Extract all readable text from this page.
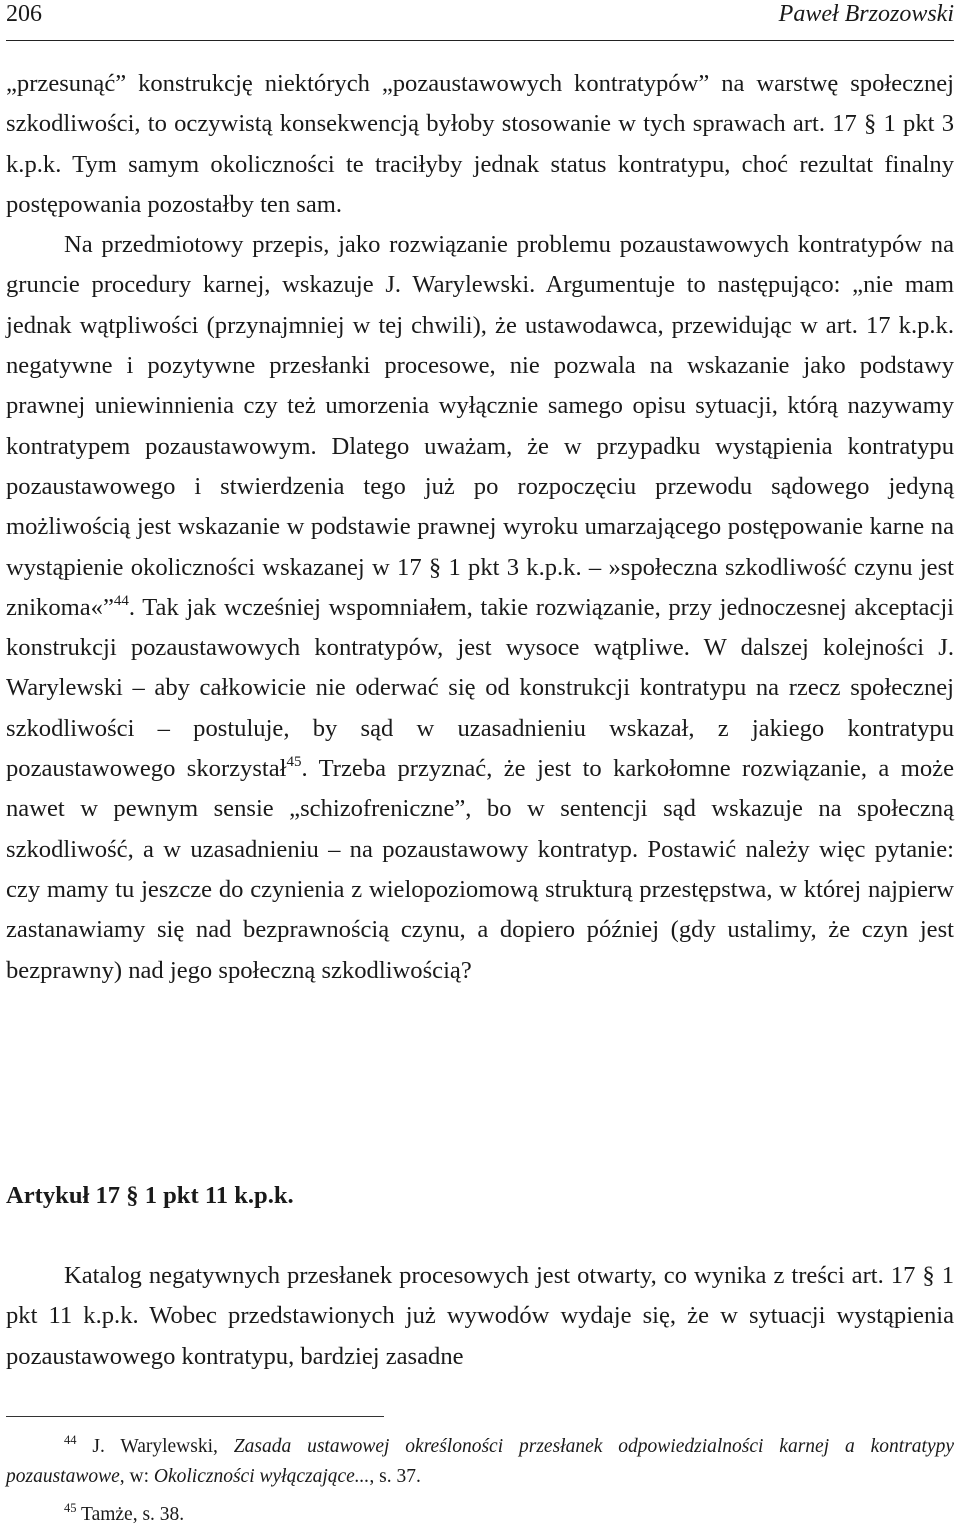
206	Paweł Brzozowski

„przesunąć” konstrukcję niektórych „pozaustawowych kontratypów” na warstwę społecznej szkodliwości, to oczywistą konsekwencją byłoby stosowanie w tych sprawach art. 17 § 1 pkt 3 k.p.k. Tym samym okoliczności te traciłyby jednak status kontratypu, choć rezultat finalny postępowania pozostałby ten sam.

Na przedmiotowy przepis, jako rozwiązanie problemu pozaustawowych kontratypów na gruncie procedury karnej, wskazuje J. Warylewski. Argumentuje to następująco: „nie mam jednak wątpliwości (przynajmniej w tej chwili), że ustawodawca, przewidując w art. 17 k.p.k. negatywne i pozytywne przesłanki procesowe, nie pozwala na wskazanie jako podstawy prawnej uniewinnienia czy też umorzenia wyłącznie samego opisu sytuacji, którą nazywamy kontratypem pozaustawowym. Dlatego uważam, że w przypadku wystąpienia kontratypu pozaustawowego i stwierdzenia tego już po rozpoczęciu przewodu sądowego jedyną możliwością jest wskazanie w podstawie prawnej wyroku umarzającego postępowanie karne na wystąpienie okoliczności wskazanej w 17 § 1 pkt 3 k.p.k. – »społeczna szkodliwość czynu jest znikoma«”$^{44}$. Tak jak wcześniej wspomniałem, takie rozwiązanie, przy jednoczesnej akceptacji konstrukcji pozaustawowych kontratypów, jest wysoce wątpliwe. W dalszej kolejności J. Warylewski – aby całkowicie nie oderwać się od konstrukcji kontratypu na rzecz społecznej szkodliwości – postuluje, by sąd w uzasadnieniu wskazał, z jakiego kontratypu pozaustawowego skorzystał$^{45}$. Trzeba przyznać, że jest to karkołomne rozwiązanie, a może nawet w pewnym sensie „schizofreniczne”, bo w sentencji sąd wskazuje na społeczną szkodliwość, a w uzasadnieniu – na pozaustawowy kontratyp. Postawić należy więc pytanie: czy mamy tu jeszcze do czynienia z wielopoziomową strukturą przestępstwa, w której najpierw zastanawiamy się nad bezprawnością czynu, a dopiero później (gdy ustalimy, że czyn jest bezprawny) nad jego społeczną szkodliwością?

Artykuł 17 § 1 pkt 11 k.p.k.
Katalog negatywnych przesłanek procesowych jest otwarty, co wynika z treści art. 17 § 1 pkt 11 k.p.k. Wobec przedstawionych już wywodów wydaje się, że w sytuacji wystąpienia pozaustawowego kontratypu, bardziej zasadne

$^{44}$ J. Warylewski, Zasada ustawowej określoności przesłanek odpowiedzialności karnej a kontratypy pozaustawowe, w: Okoliczności wyłączające..., s. 37.

$^{45}$ Tamże, s. 38.
